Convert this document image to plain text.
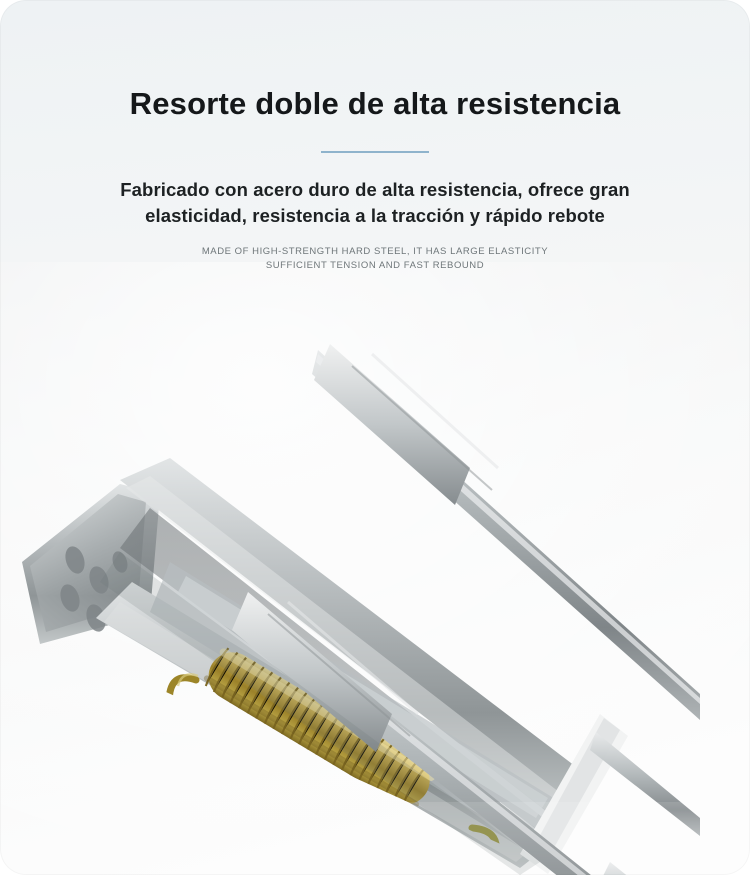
Resorte doble de alta resistencia

Fabricado con acero duro de alta resistencia, ofrece gran elasticidad, resistencia a la tracción y rápido rebote

MADE OF HIGH-STRENGTH HARD STEEL, IT HAS LARGE ELASTICITY
SUFFICIENT TENSION AND FAST REBOUND
